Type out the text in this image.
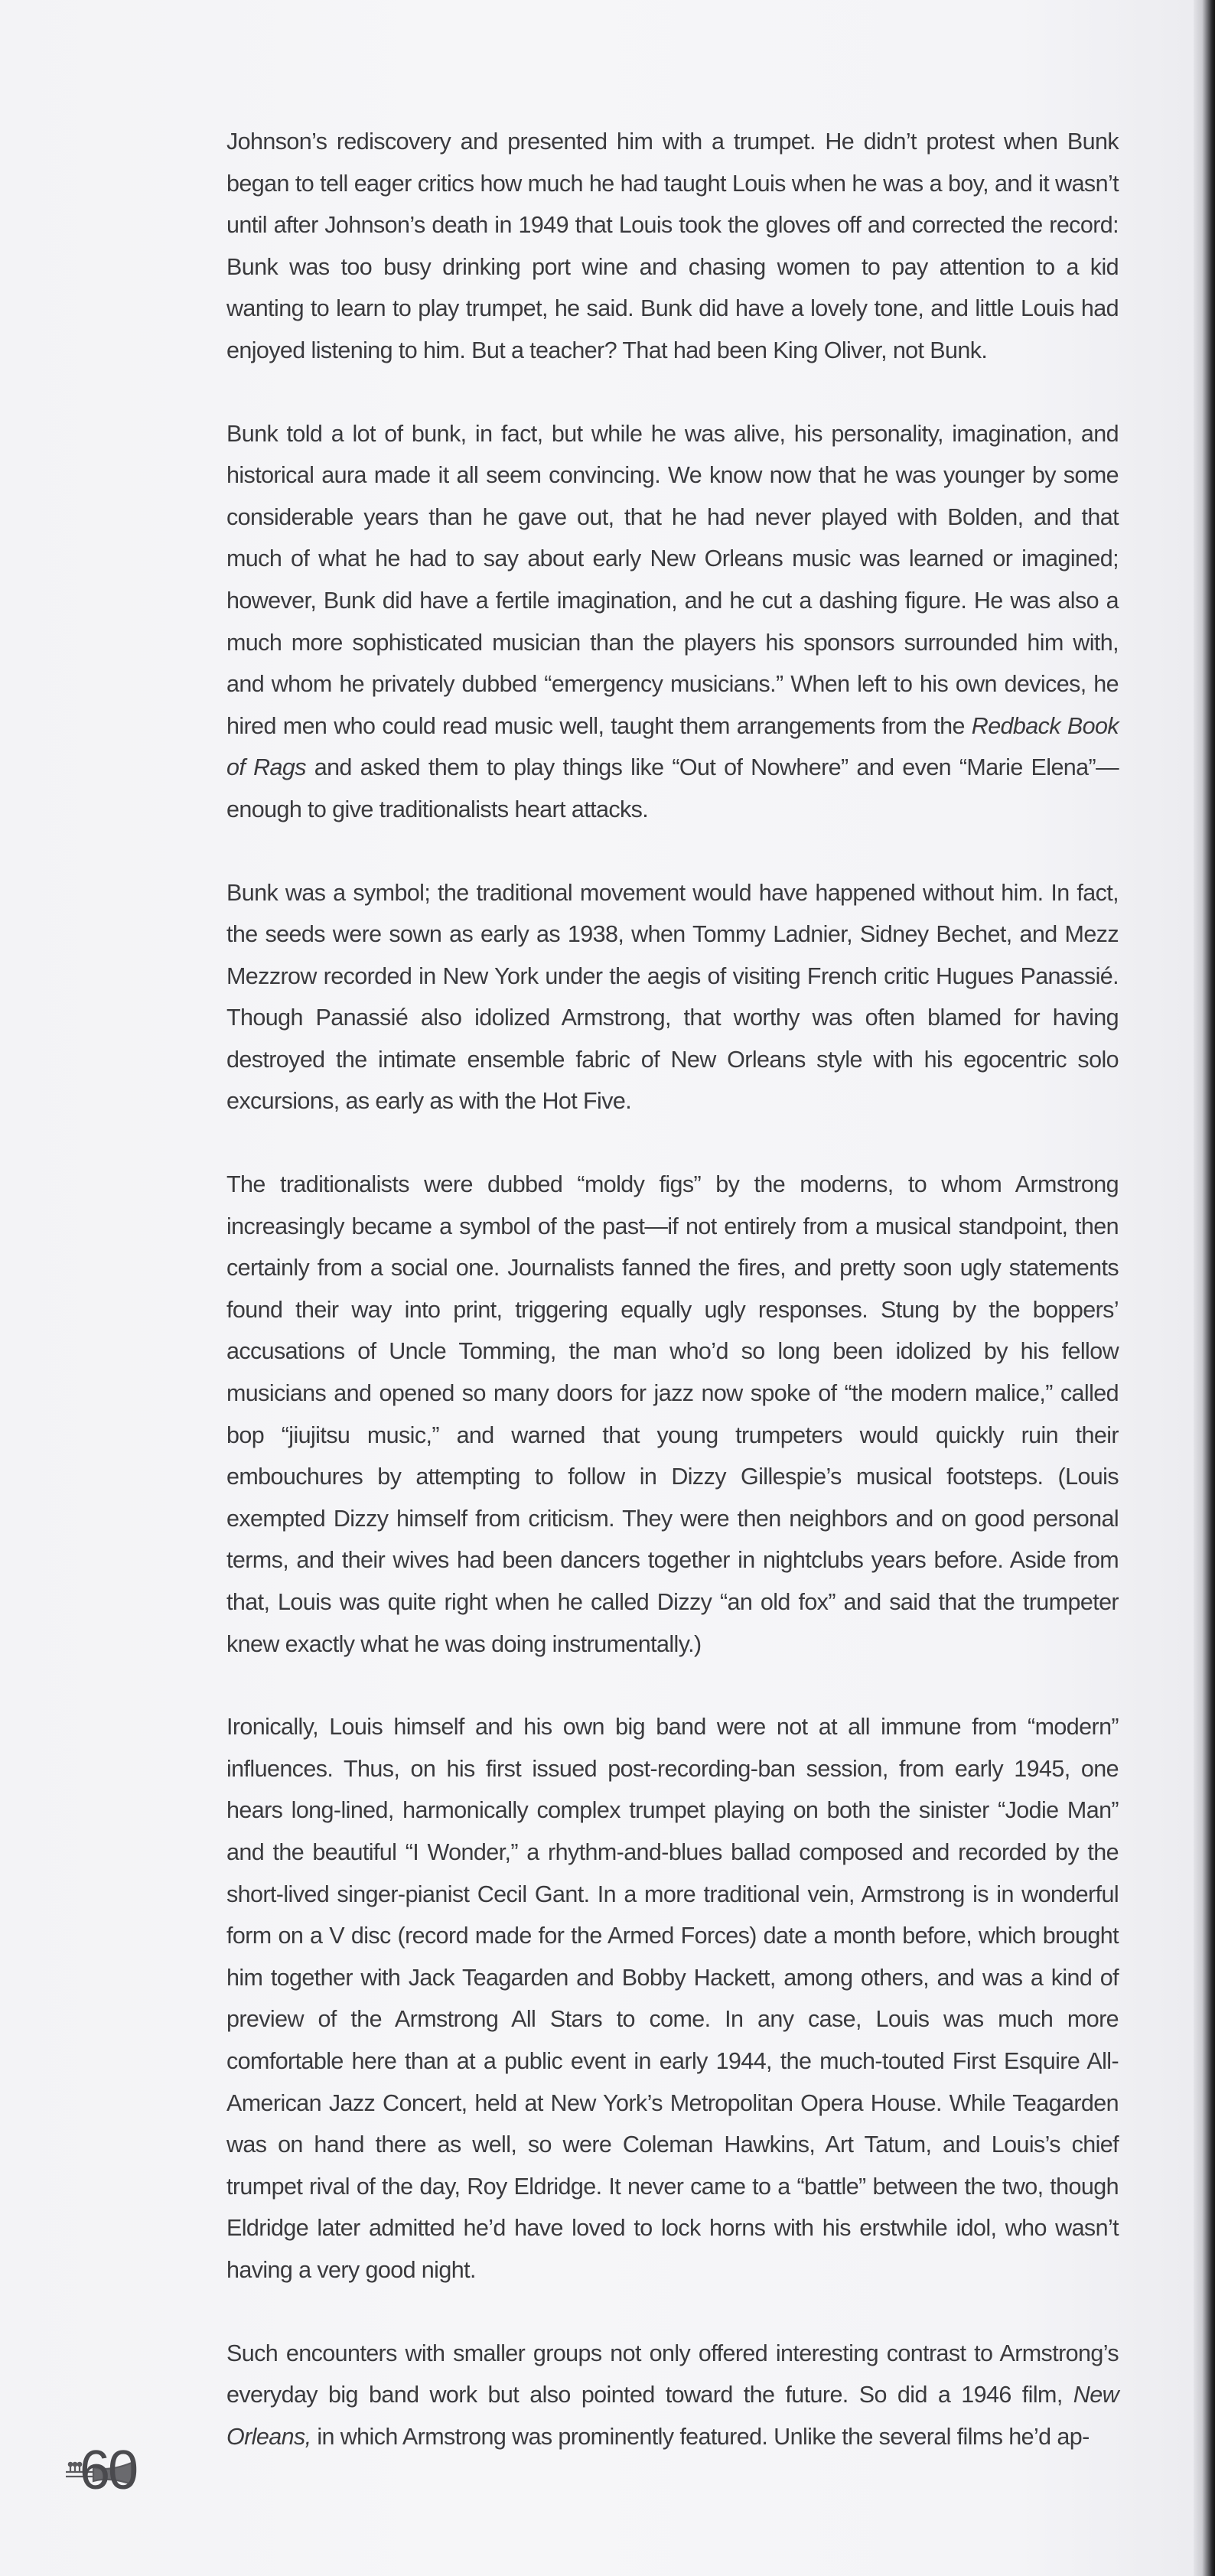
Johnson’s rediscovery and presented him with a trumpet. He didn’t protest when Bunk began to tell eager critics how much he had taught Louis when he was a boy, and it wasn’t until after Johnson’s death in 1949 that Louis took the gloves off and corrected the record: Bunk was too busy drinking port wine and chasing women to pay attention to a kid wanting to learn to play trumpet, he said. Bunk did have a lovely tone, and little Louis had enjoyed listening to him. But a teacher? That had been King Oliver, not Bunk.

Bunk told a lot of bunk, in fact, but while he was alive, his personality, imagination, and historical aura made it all seem convincing. We know now that he was younger by some considerable years than he gave out, that he had never played with Bolden, and that much of what he had to say about early New Orleans music was learned or imagined; however, Bunk did have a fertile imagination, and he cut a dashing figure. He was also a much more sophisticated musician than the players his sponsors surrounded him with, and whom he privately dubbed “emergency musicians.” When left to his own devices, he hired men who could read music well, taught them arrangements from the Redback Book of Rags and asked them to play things like “Out of Nowhere” and even “Marie Elena”—enough to give traditionalists heart attacks.

Bunk was a symbol; the traditional movement would have happened without him. In fact, the seeds were sown as early as 1938, when Tommy Ladnier, Sidney Bechet, and Mezz Mezzrow recorded in New York under the aegis of visiting French critic Hugues Panassié. Though Panassié also idolized Armstrong, that worthy was often blamed for having destroyed the intimate ensemble fabric of New Orleans style with his egocentric solo excursions, as early as with the Hot Five.

The traditionalists were dubbed “moldy figs” by the moderns, to whom Armstrong increasingly became a symbol of the past—if not entirely from a musical standpoint, then certainly from a social one. Journalists fanned the fires, and pretty soon ugly statements found their way into print, triggering equally ugly responses. Stung by the boppers’ accusations of Uncle Tomming, the man who’d so long been idolized by his fellow musicians and opened so many doors for jazz now spoke of “the modern malice,” called bop “jiujitsu music,” and warned that young trumpeters would quickly ruin their embouchures by attempting to follow in Dizzy Gillespie’s musical footsteps. (Louis exempted Dizzy himself from criticism. They were then neighbors and on good personal terms, and their wives had been dancers together in nightclubs years before. Aside from that, Louis was quite right when he called Dizzy “an old fox” and said that the trumpeter knew exactly what he was doing instrumentally.)

Ironically, Louis himself and his own big band were not at all immune from “modern” influences. Thus, on his first issued post-recording-ban session, from early 1945, one hears long-lined, harmonically complex trumpet playing on both the sinister “Jodie Man” and the beautiful “I Wonder,” a rhythm-and-blues ballad composed and recorded by the short-lived singer-pianist Cecil Gant. In a more traditional vein, Armstrong is in wonderful form on a V disc (record made for the Armed Forces) date a month before, which brought him together with Jack Teagarden and Bobby Hackett, among others, and was a kind of preview of the Armstrong All Stars to come. In any case, Louis was much more comfortable here than at a public event in early 1944, the much-touted First Esquire All-American Jazz Concert, held at New York’s Metropolitan Opera House. While Teagarden was on hand there as well, so were Coleman Hawkins, Art Tatum, and Louis’s chief trumpet rival of the day, Roy Eldridge. It never came to a “battle” between the two, though Eldridge later admitted he’d have loved to lock horns with his erstwhile idol, who wasn’t having a very good night.

Such encounters with smaller groups not only offered interesting contrast to Armstrong’s everyday big band work but also pointed toward the future. So did a 1946 film, New Orleans, in which Armstrong was prominently featured. Unlike the several films he’d ap-

60
